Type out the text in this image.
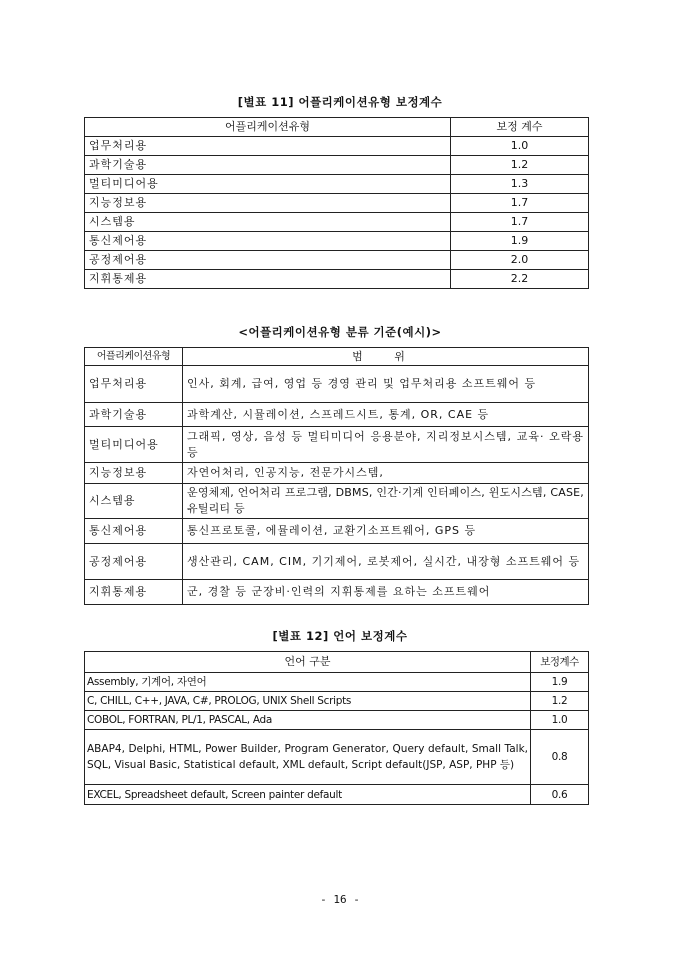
[별표 11] 어플리케이션유형 보정계수
어플리케이션유형	보정 계수
업무처리용	1.0
과학기술용	1.2
멀티미디어용	1.3
지능정보용	1.7
시스템용	1.7
통신제어용	1.9
공정제어용	2.0
지휘통제용	2.2
<어플리케이션유형 분류 기준(예시)>
어플리케이션유형	범 위
업무처리용	인사, 회계, 급여, 영업 등 경영 관리 및 업무처리용 소프트웨어 등
과학기술용	과학계산, 시뮬레이션, 스프레드시트, 통계, OR, CAE 등
멀티미디어용	그래픽, 영상, 음성 등 멀티미디어 응용분야, 지리정보시스템, 교육· 오락용 등
지능정보용	자연어처리, 인공지능, 전문가시스템,
시스템용	운영체제, 언어처리 프로그램, DBMS, 인간·기계 인터페이스, 윈도시스템, CASE, 유틸리티 등
통신제어용	통신프로토콜, 에뮬레이션, 교환기소프트웨어, GPS 등
공정제어용	생산관리, CAM, CIM, 기기제어, 로봇제어, 실시간, 내장형 소프트웨어 등
지휘통제용	군, 경찰 등 군장비·인력의 지휘통제를 요하는 소프트웨어
[별표 12] 언어 보정계수
언어 구분	보정계수
Assembly, 기계어, 자연어	1.9
C, CHILL, C++, JAVA, C#, PROLOG, UNIX Shell Scripts	1.2
COBOL, FORTRAN, PL/1, PASCAL, Ada	1.0
ABAP4, Delphi, HTML, Power Builder, Program Generator, Query default, Small Talk, SQL, Visual Basic, Statistical default, XML default, Script default(JSP, ASP, PHP 등)	0.8
EXCEL, Spreadsheet default, Screen painter default	0.6
- 16 -
